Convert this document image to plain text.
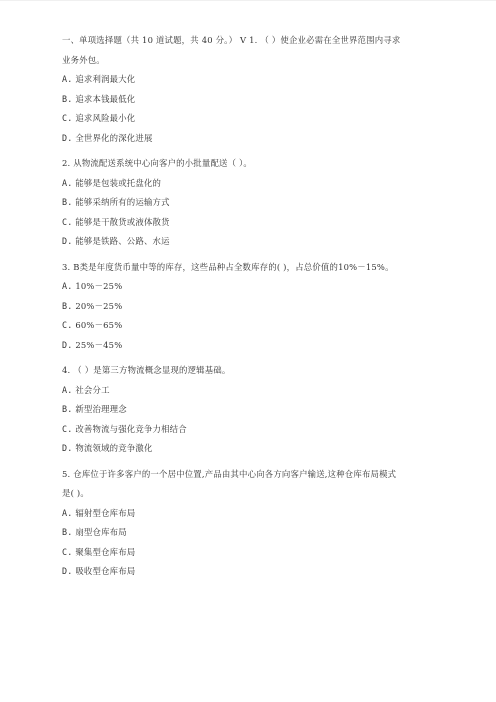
一、单项选择题（共 10 道试题，共 40 分。） V 1. （ ）使企业必需在全世界范围内寻求
业务外包。
A. 追求利润最大化
B. 追求本钱最低化
C. 追求风险最小化
D. 全世界化的深化进展
2. 从物流配送系统中心向客户的小批量配送（ ）。
A. 能够是包装或托盘化的
B. 能够采纳所有的运输方式
C. 能够是干散货或液体散货
D. 能够是铁路、公路、水运
3. B类是年度货币量中等的库存，这些品种占全数库存的( )，占总价值的10%－15%。
A. 10%－25%
B. 20%－25%
C. 60%－65%
D. 25%－45%
4. （ ）是第三方物流概念显现的逻辑基础。
A. 社会分工
B. 新型治理理念
C. 改善物流与强化竞争力相结合
D. 物流领域的竞争激化
5. 仓库位于许多客户的一个居中位置,产品由其中心向各方向客户输送,这种仓库布局模式
是( )。
A. 辐射型仓库布局
B. 扇型仓库布局
C. 聚集型仓库布局
D. 吸收型仓库布局
